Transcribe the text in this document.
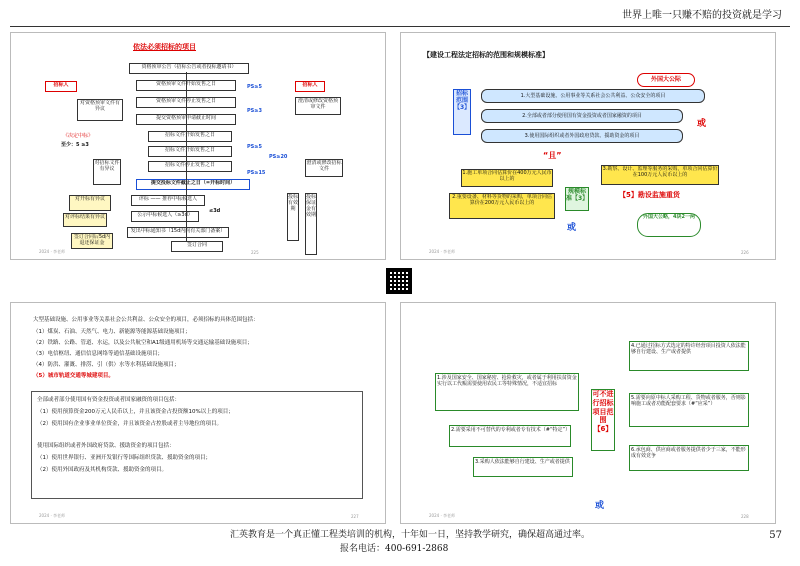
世界上唯一只赚不赔的投资就是学习
依法必须招标的项目
资格预审公告（招标公告或者投标邀请书）
资格预审文件开始发售之日
资格预审文件停止发售之日
提交资格预审申请截止时间
招标文件开始发售之日
招标文件开始发售之日
招标文件停止发售之日
提交投标文件截止之日（=开标时间）
评标 —— 推荐中标候选人
公示中标候选人（≥3d）
发出中标通知书（15d内向有关部门备案）
签订合同
招标人
对资格预审文件有异议
《决定中标》
至少：5 ≥3
对招标文件有异议
对开标有异议
对评标结果有异议
签订合同后5d内退还保证金
招标人
澄清或修改资格预审文件
澄清或修改招标文件
投标有效期
投标保证金有效期
PS≥5
PS≥3
PS≥5
PS≥20
PS≥15
≤3d
2024 · 李老师	225
【建设工程法定招标的范围和规模标准】
招标范围【3】
外国大公际
1.大型基础设施、公用事业等关系社会公共利益、公众安全的项目
2.全部或者部分使用国有资金投资或者国家融资的项目
3.使用国际组织或者外国政府贷款、援助资金的项目
或
“且”
1.施工单项合同估算价在400万元人民币以上的
2.重要设备、材料等货物的采购，单项合同估算价在200万元人民币以上的
3.勘察、设计、监理等服务的采购，单项合同估算价在100万元人民币以上的
规模标准【3】	【5】勘设监施重货
或
“外国大公略，4块2一两”
2024 · 李老师	226
大型基础设施、公用事业等关系社会公共利益、公众安全的项目，必须招标的具体范围包括：
（1）煤炭、石油、天然气、电力、新能源等能源基础设施项目；
（2）铁路、公路、管道、水运，以及公共航空和A1级通用机场等交通运输基础设施项目；
（3）电信枢纽、通信信息网络等通信基础设施项目；
（4）防洪、灌溉、排涝、引（供）水等水利基础设施项目；
（5）城市轨道交通等城建项目。
全部或者部分使用国有资金投资或者国家融资的项目包括：
（1）使用预算资金200万元人民币以上，并且该资金占投资额10%以上的项目；
（2）使用国有企业事业单位资金，并且该资金占控股或者主导地位的项目。
使用国际组织或者外国政府贷款、援助资金的项目包括：
（1）使用世界银行、亚洲开发银行等国际组织贷款、援助资金的项目；
（2）使用外国政府及其机构贷款、援助资金的项目。
2024 · 李老师	227
可不进行招标项目范围【6】
1.涉及国家安全、国家秘密、抢险救灾，或者属于利用扶贫资金实行以工代赈需要使用农民工等特殊情况，不适宜招标
2.需要采用不可替代的专利或者专有技术（#“特定”）
3.采购人依法能够自行建设、生产或者提供
4.已通过招标方式选定的特许经营项目投资人依法能够自行建设、生产或者提供
5.需要向原中标人采购工程、货物或者服务，否则影响施工或者功能配套要求（#“应采”）
6.承包商、供应商或者服务提供者少于三家，不能形成有效竞争
或
2024 · 李老师	228
汇英教育是一个真正懂工程类培训的机构，十年如一日，坚持教学研究，确保超高通过率。
报名电话：400-691-2868
57
